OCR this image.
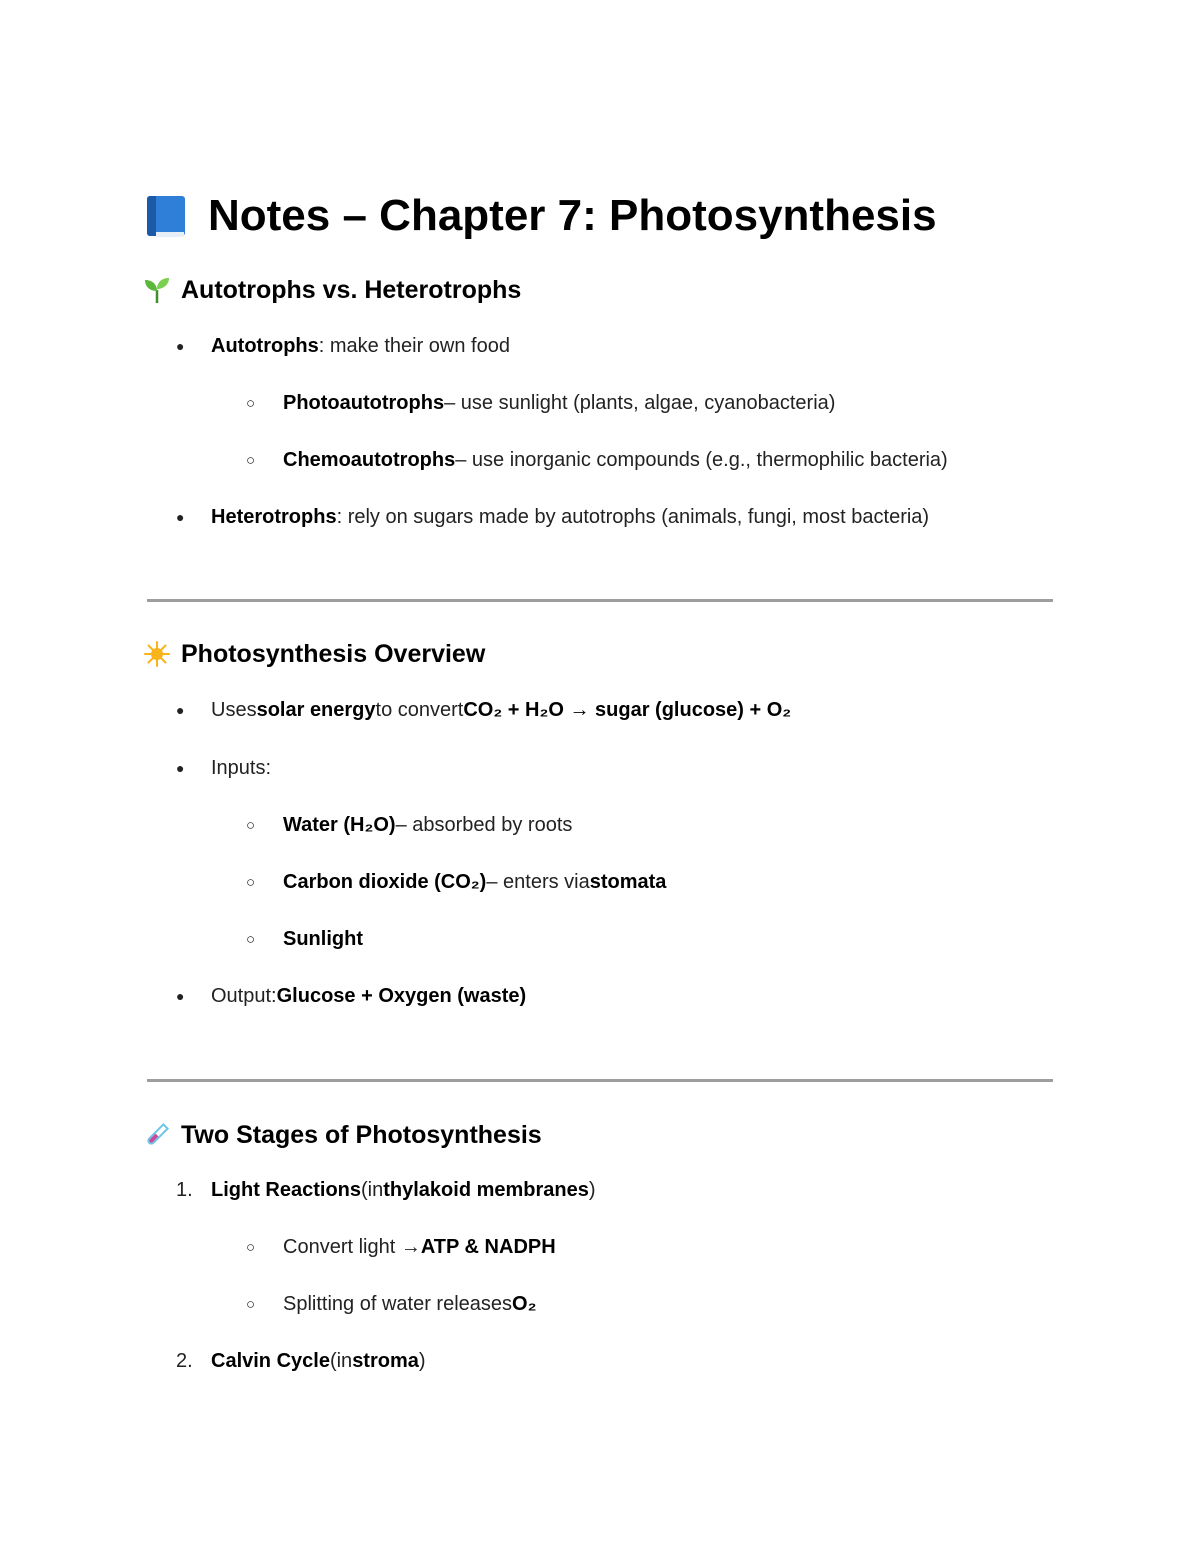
Notes – Chapter 7: Photosynthesis
Autotrophs vs. Heterotrophs
●	Autotrophs : make their own food
○	Photoautotrophs – use sunlight (plants, algae, cyanobacteria)
○	Chemoautotrophs – use inorganic compounds (e.g., thermophilic bacteria)
●	Heterotrophs : rely on sugars made by autotrophs (animals, fungi, most bacteria)
Photosynthesis Overview
●	Uses solar energy to convert CO₂ + H₂O → sugar (glucose) + O₂
●	Inputs:
○	Water (H₂O) – absorbed by roots
○	Carbon dioxide (CO₂) – enters via stomata
○	Sunlight
●	Output: Glucose + Oxygen (waste)
Two Stages of Photosynthesis
1. Light Reactions (in thylakoid membranes )
○	Convert light → ATP & NADPH
○	Splitting of water releases O₂
2. Calvin Cycle (in stroma )
